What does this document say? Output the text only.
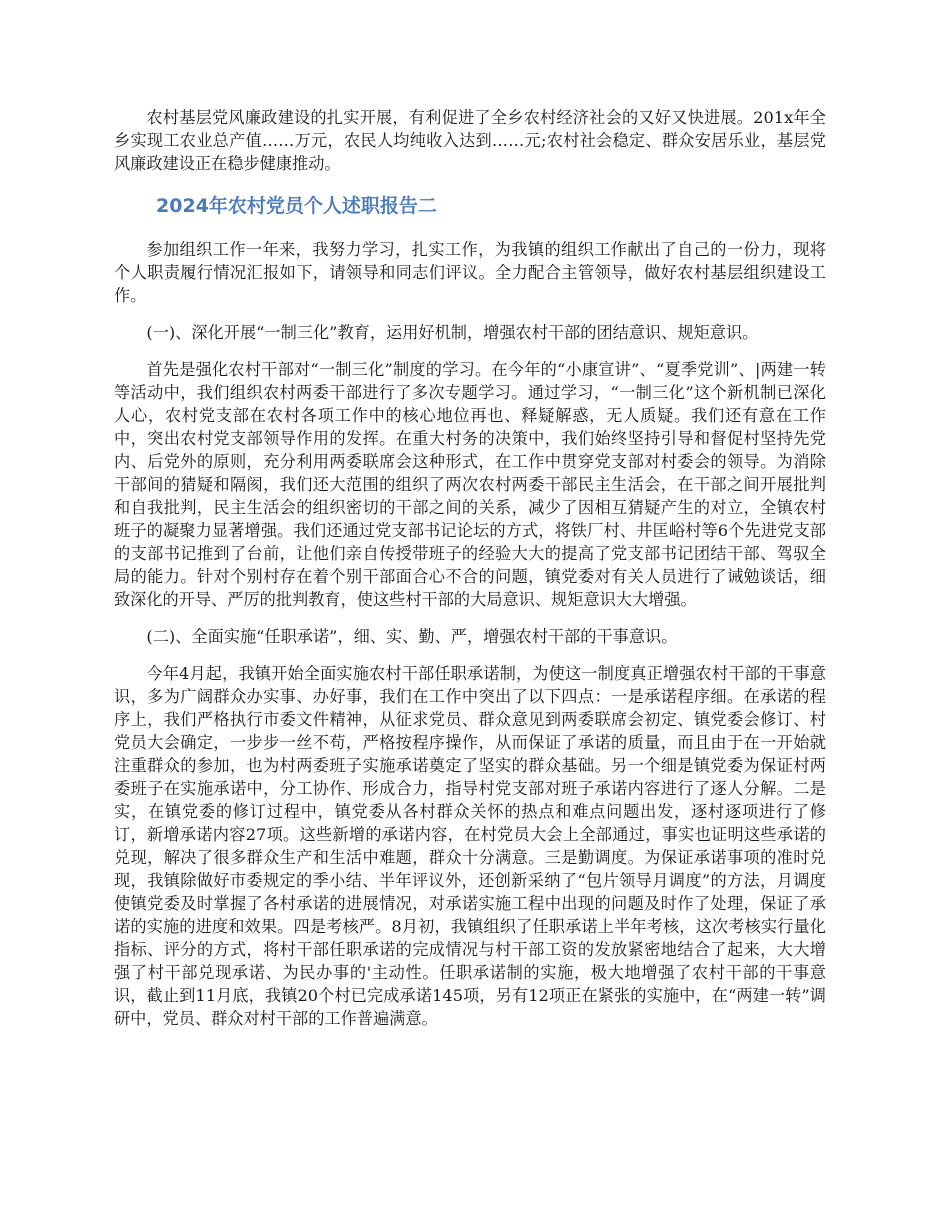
农村基层党风廉政建设的扎实开展，有利促进了全乡农村经济社会的又好又快进展。201x年全乡实现工农业总产值……万元，农民人均纯收入达到……元;农村社会稳定、群众安居乐业，基层党风廉政建设正在稳步健康推动。

2024年农村党员个人述职报告二

参加组织工作一年来，我努力学习，扎实工作，为我镇的组织工作献出了自己的一份力，现将个人职责履行情况汇报如下，请领导和同志们评议。全力配合主管领导，做好农村基层组织建设工作。

(一)、深化开展“一制三化”教育，运用好机制，增强农村干部的团结意识、规矩意识。

首先是强化农村干部对“一制三化”制度的学习。在今年的“小康宣讲”、“夏季党训”、|两建一转等活动中，我们组织农村两委干部进行了多次专题学习。通过学习，“一制三化”这个新机制已深化人心，农村党支部在农村各项工作中的核心地位再也、释疑解惑，无人质疑。我们还有意在工作中，突出农村党支部领导作用的发挥。在重大村务的决策中，我们始终坚持引导和督促村坚持先党内、后党外的原则，充分利用两委联席会这种形式，在工作中贯穿党支部对村委会的领导。为消除干部间的猜疑和隔阂，我们还大范围的组织了两次农村两委干部民主生活会，在干部之间开展批判和自我批判，民主生活会的组织密切的干部之间的关系，减少了因相互猜疑产生的对立，全镇农村班子的凝聚力显著增强。我们还通过党支部书记论坛的方式，将铁厂村、井匡峪村等6个先进党支部的支部书记推到了台前，让他们亲自传授带班子的经验大大的提高了党支部书记团结干部、驾驭全局的能力。针对个别村存在着个别干部面合心不合的问题，镇党委对有关人员进行了诫勉谈话，细致深化的开导、严厉的批判教育，使这些村干部的大局意识、规矩意识大大增强。

(二)、全面实施“任职承诺”，细、实、勤、严，增强农村干部的干事意识。

今年4月起，我镇开始全面实施农村干部任职承诺制，为使这一制度真正增强农村干部的干事意识，多为广阔群众办实事、办好事，我们在工作中突出了以下四点：一是承诺程序细。在承诺的程序上，我们严格执行市委文件精神，从征求党员、群众意见到两委联席会初定、镇党委会修订、村党员大会确定，一步步一丝不苟，严格按程序操作，从而保证了承诺的质量，而且由于在一开始就注重群众的参加，也为村两委班子实施承诺奠定了坚实的群众基础。另一个细是镇党委为保证村两委班子在实施承诺中，分工协作、形成合力，指导村党支部对班子承诺内容进行了逐人分解。二是实，在镇党委的修订过程中，镇党委从各村群众关怀的热点和难点问题出发，逐村逐项进行了修订，新增承诺内容27项。这些新增的承诺内容，在村党员大会上全部通过，事实也证明这些承诺的兑现，解决了很多群众生产和生活中难题，群众十分满意。三是勤调度。为保证承诺事项的准时兑现，我镇除做好市委规定的季小结、半年评议外，还创新采纳了“包片领导月调度”的方法，月调度使镇党委及时掌握了各村承诺的进展情况，对承诺实施工程中出现的问题及时作了处理，保证了承诺的实施的进度和效果。四是考核严。8月初，我镇组织了任职承诺上半年考核，这次考核实行量化指标、评分的方式，将村干部任职承诺的完成情况与村干部工资的发放紧密地结合了起来，大大增强了村干部兑现承诺、为民办事的'主动性。任职承诺制的实施，极大地增强了农村干部的干事意识，截止到11月底，我镇20个村已完成承诺145项，另有12项正在紧张的实施中，在“两建一转”调研中，党员、群众对村干部的工作普遍满意。
